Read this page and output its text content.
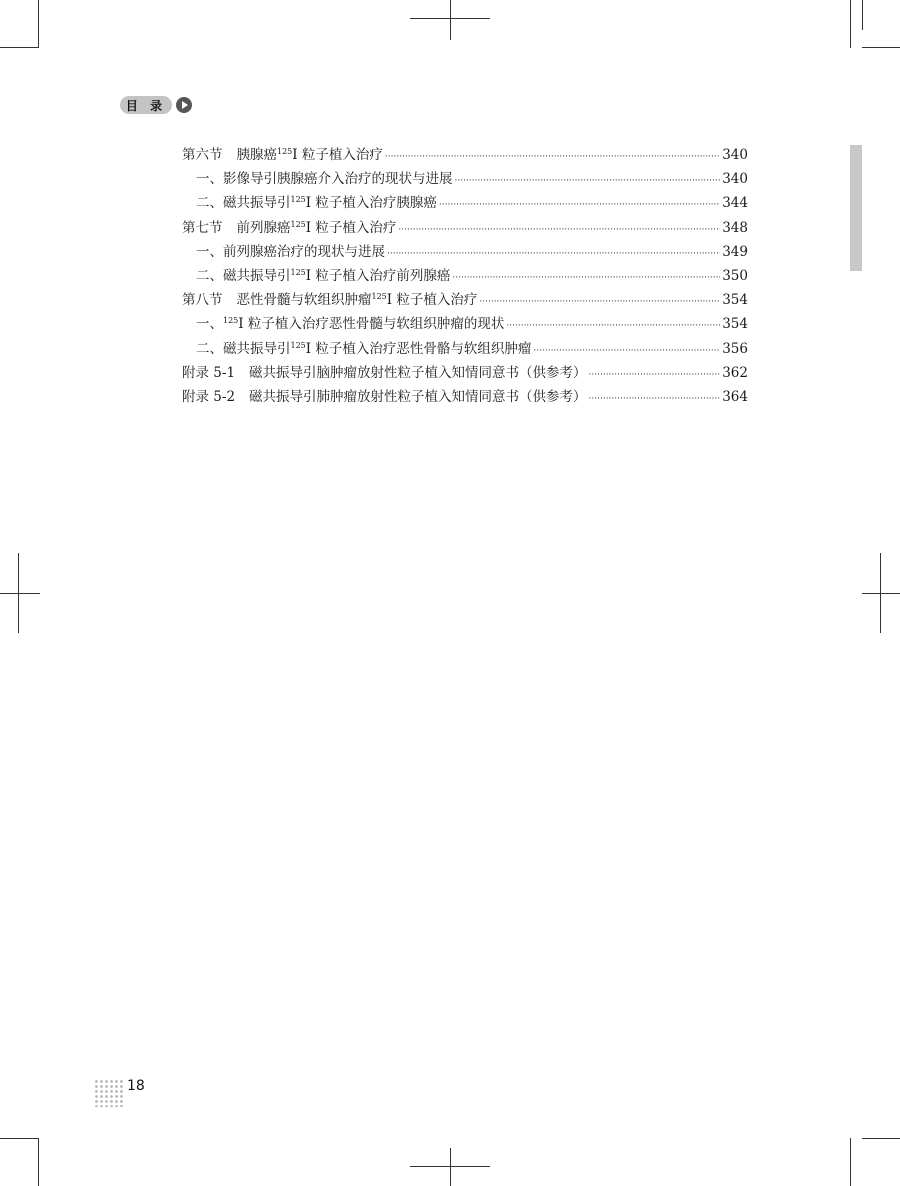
目 录
第六节 胰腺癌$^{125}$I 粒子植入治疗 ·····	340
一、影像导引胰腺癌介入治疗的现状与进展 ·····	340
二、磁共振导引$^{125}$I 粒子植入治疗胰腺癌 ·····	344
第七节 前列腺癌$^{125}$I 粒子植入治疗 ·····	348
一、前列腺癌治疗的现状与进展 ·····	349
二、磁共振导引$^{125}$I 粒子植入治疗前列腺癌 ·····	350
第八节 恶性骨髓与软组织肿瘤$^{125}$I 粒子植入治疗 ·····	354
一、$^{125}$I 粒子植入治疗恶性骨髓与软组织肿瘤的现状 ·····	354
二、磁共振导引$^{125}$I 粒子植入治疗恶性骨骼与软组织肿瘤 ·····	356
附录 5-1 磁共振导引脑肿瘤放射性粒子植入知情同意书（供参考） ·····	362
附录 5-2 磁共振导引肺肿瘤放射性粒子植入知情同意书（供参考） ·····	364
18
